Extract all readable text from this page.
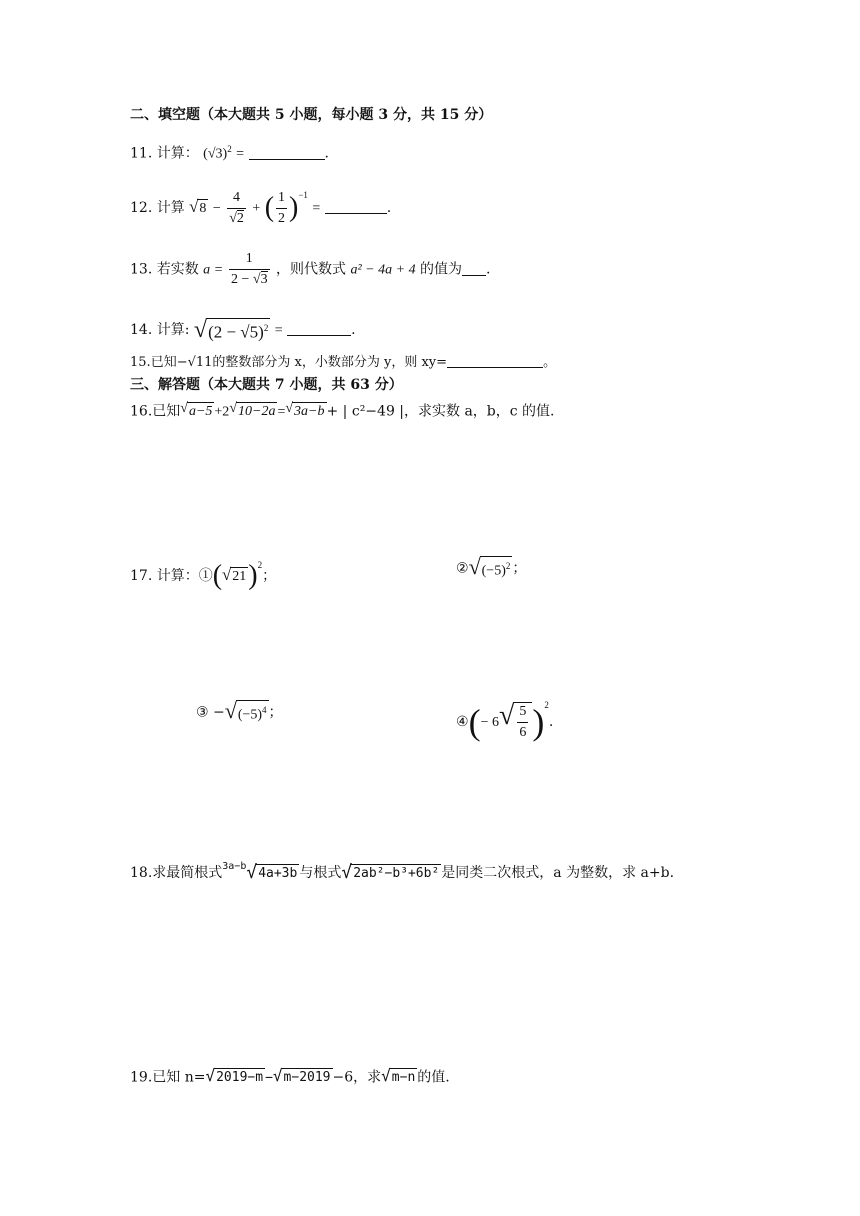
二、填空题（本大题共 5 小题，每小题 3 分，共 15 分）
11. 计算： $(√3)^2$ =	.
12. 计算 √ $8 - \frac{4}{√2}$ + ( $\frac{1}{2} )^{-1}$ =	.
13. 若实数 $a = \frac{1}{2 - √3}$ ，则代数式 a² − 4a + 4 的值为 .
14. 计算: √ $(2 - √5)^2$ =	.
15.已知−√11的整数部分为 x，小数部分为 y，则 xy=	。
三、解答题（本大题共 7 小题，共 63 分）
16.已知 √ a−5 +2 √ 10−2a = √ 3a−b + | c²−49 |，求实数 a，b，c 的值.
17. 计算：①( √ 21 )$^2$；	② √ $(-5)^2$ ；
③ − √ $(-5)^4$ ；
④(− 6 √ $\frac{5}{6} )^2$.
18.求最简根式$^{3a-b}$ √ 4a+3b 与根式 √ 2ab²−b³+6b² 是同类二次根式，a 为整数，求 a+b.
19.已知 n= √ 2019−m − √ m−2019 −6，求 √ m−n 的值.
